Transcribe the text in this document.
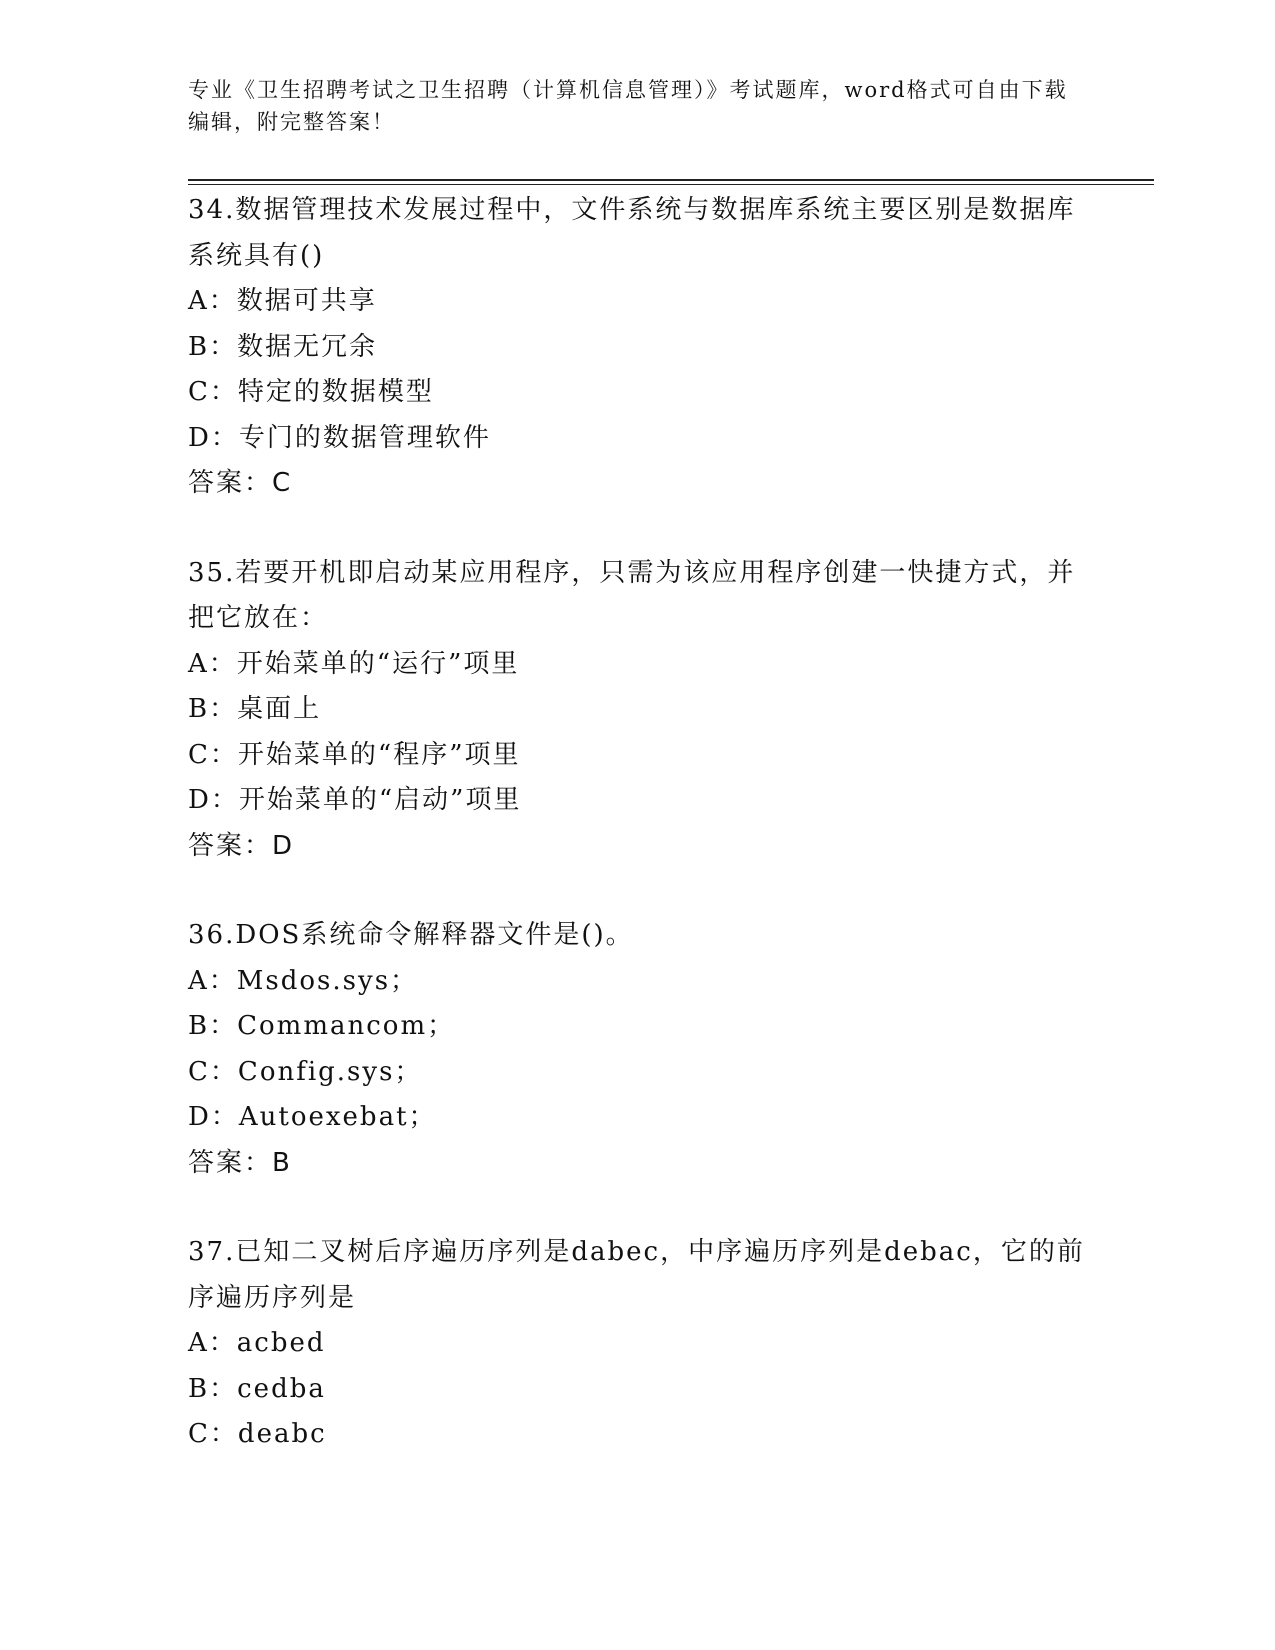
专业《卫生招聘考试之卫生招聘（计算机信息管理）》考试题库，word格式可自由下载编辑，附完整答案！
34.数据管理技术发展过程中，文件系统与数据库系统主要区别是数据库系统具有()
A：数据可共享
B：数据无冗余
C：特定的数据模型
D：专门的数据管理软件
答案：C
35.若要开机即启动某应用程序，只需为该应用程序创建一快捷方式，并把它放在：
A：开始菜单的“运行”项里
B：桌面上
C：开始菜单的“程序”项里
D：开始菜单的“启动”项里
答案：D
36.DOS系统命令解释器文件是()。
A：Msdos.sys；
B：Commancom；
C：Config.sys；
D：Autoexebat；
答案：B
37.已知二叉树后序遍历序列是dabec，中序遍历序列是debac，它的前序遍历序列是
A：acbed
B：cedba
C：deabc
